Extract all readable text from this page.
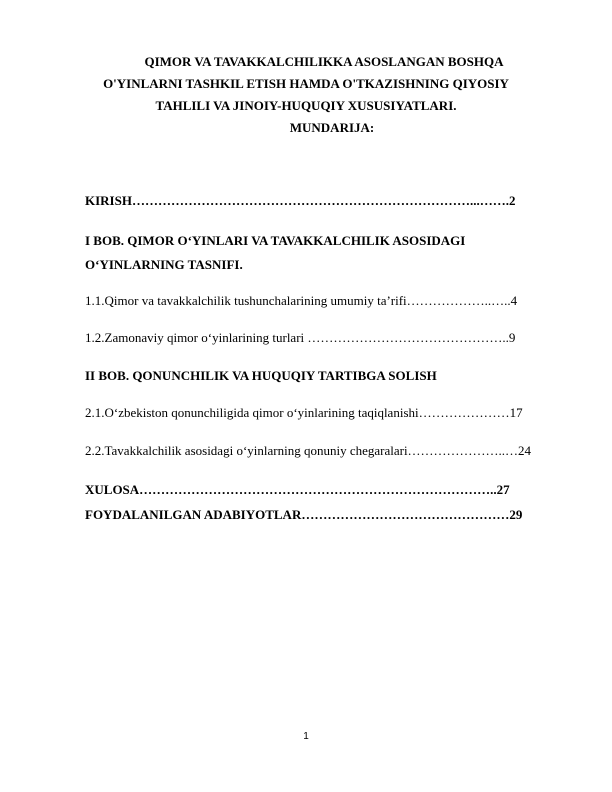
QIMOR VA TAVAKKALCHILIKKA ASOSLANGAN BOSHQA
O'YINLARNI TASHKIL ETISH HAMDA O'TKAZISHNING QIYOSIY
TAHLILI VA JINOIY-HUQUQIY XUSUSIYATLARI.
MUNDARIJA:
KIRISH……………………………………………………………………...…….2
I BOB. QIMOR O‘YINLARI VA TAVAKKALCHILIK ASOSIDAGI
O‘YINLARNING TASNIFI.
1.1.Qimor va tavakkalchilik tushunchalarining umumiy ta’rifi………………..…..4
1.2.Zamonaviy qimor o‘yinlarining turlari ………………………………………..9
II BOB. QONUNCHILIK VA HUQUQIY TARTIBGA SOLISH
2.1.O‘zbekiston qonunchiligida qimor o‘yinlarining taqiqlanishi…………………17
2.2.Tavakkalchilik asosidagi o‘yinlarning qonuniy chegaralari…………………..…24
XULOSA………………………………………………………………………..27
FOYDALANILGAN ADABIYOTLAR…………………………………………29
1
